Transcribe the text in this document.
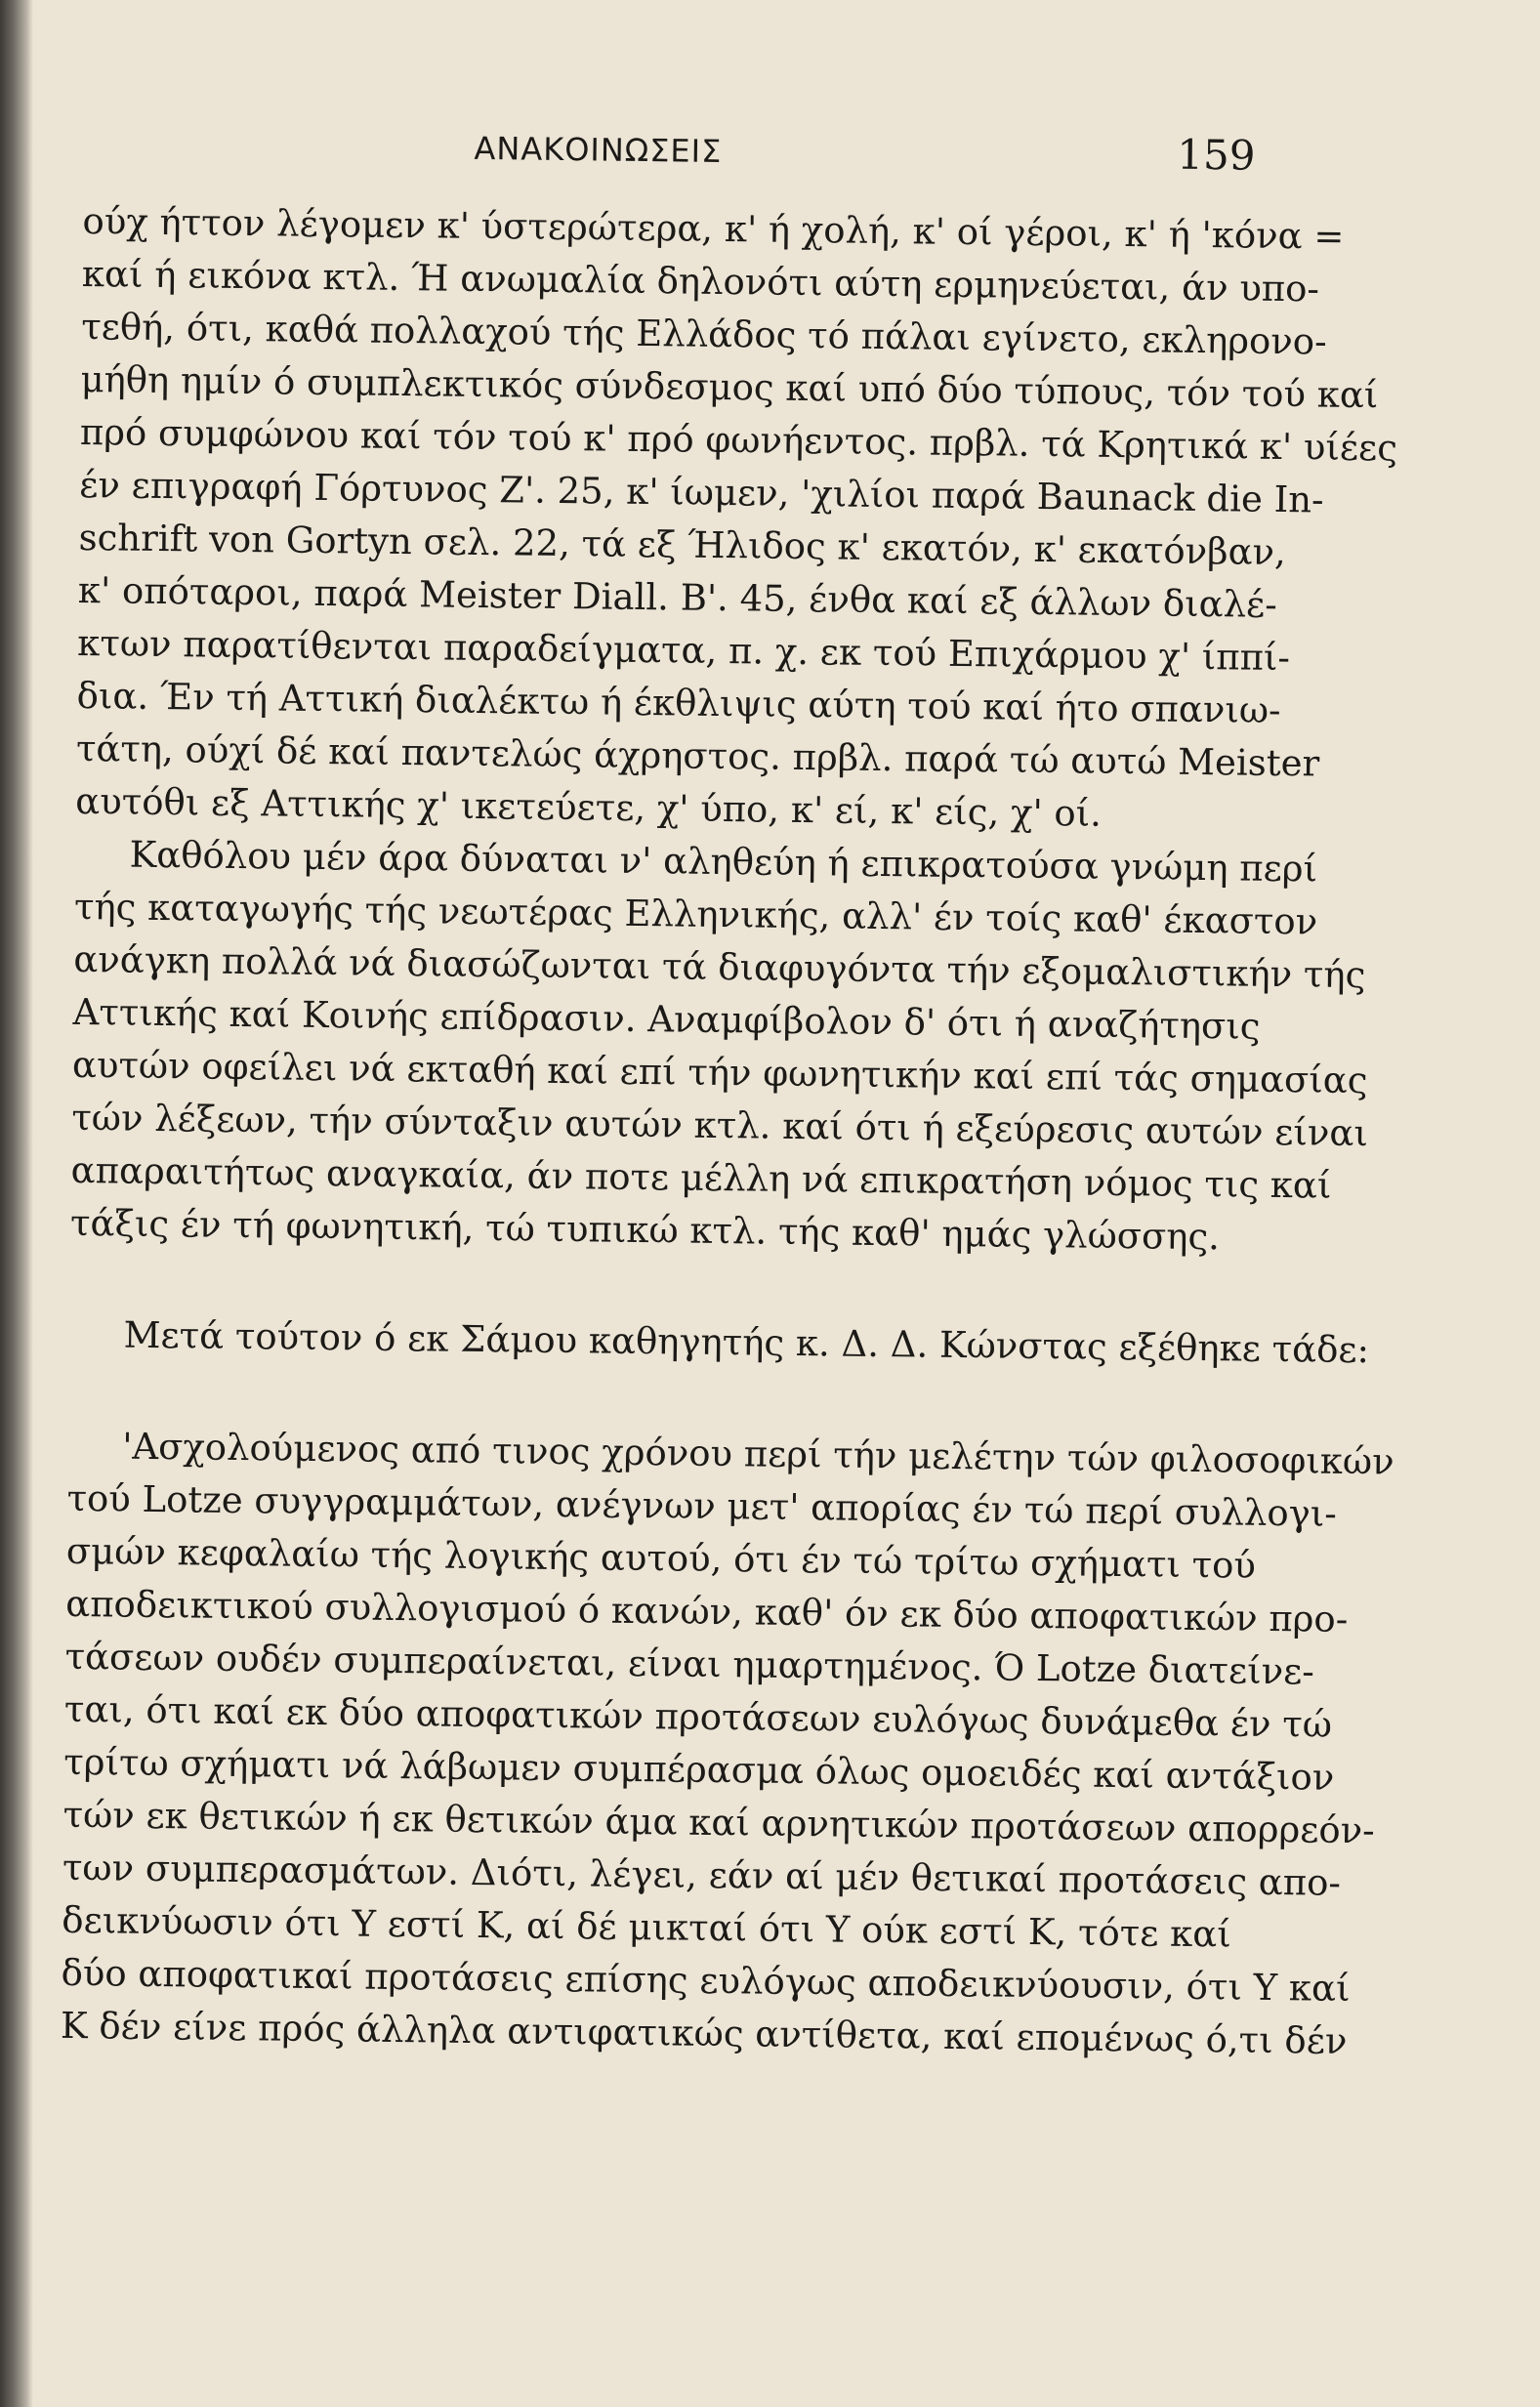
ΑΝΑΚΟΙΝΩΣΕΙΣ	159

ούχ ήττον λέγομεν κ' ύστερώτερα, κ' ή χολή, κ' οί γέροι, κ' ή 'κόνα =
καί ή εικόνα κτλ. Ή ανωμαλία δηλονότι αύτη ερμηνεύεται, άν υπο-
τεθή, ότι, καθά πολλαχού τής Ελλάδος τό πάλαι εγίνετο, εκληρονο-
μήθη ημίν ό συμπλεκτικός σύνδεσμος καί υπό δύο τύπους, τόν τού καί
πρό συμφώνου καί τόν τού κ' πρό φωνήεντος. πρβλ. τά Κρητικά κ' υίέες
έν επιγραφή Γόρτυνος Ζ'. 25, κ' ίωμεν, 'χιλίοι παρά Baunack die In-
schrift von Gortyn σελ. 22, τά εξ Ήλιδος κ' εκατόν, κ' εκατόνβαν,
κ' οπόταροι, παρά Meister Diall. Β'. 45, ένθα καί εξ άλλων διαλέ-
κτων παρατίθενται παραδείγματα, π. χ. εκ τού Επιχάρμου χ' ίππί-
δια. Έν τή Αττική διαλέκτω ή έκθλιψις αύτη τού καί ήτο σπανιω-
τάτη, ούχί δέ καί παντελώς άχρηστος. πρβλ. παρά τώ αυτώ Meister
αυτόθι εξ Αττικής χ' ικετεύετε, χ' ύπο, κ' εί, κ' είς, χ' οί.

Καθόλου μέν άρα δύναται ν' αληθεύη ή επικρατούσα γνώμη περί
τής καταγωγής τής νεωτέρας Ελληνικής, αλλ' έν τοίς καθ' έκαστον
ανάγκη πολλά νά διασώζωνται τά διαφυγόντα τήν εξομαλιστικήν τής
Αττικής καί Κοινής επίδρασιν. Αναμφίβολον δ' ότι ή αναζήτησις
αυτών οφείλει νά εκταθή καί επί τήν φωνητικήν καί επί τάς σημασίας
τών λέξεων, τήν σύνταξιν αυτών κτλ. καί ότι ή εξεύρεσις αυτών είναι
απαραιτήτως αναγκαία, άν ποτε μέλλη νά επικρατήση νόμος τις καί
τάξις έν τή φωνητική, τώ τυπικώ κτλ. τής καθ' ημάς γλώσσης.

Μετά τούτον ό εκ Σάμου καθηγητής κ. Δ. Δ. Κώνστας εξέθηκε τάδε:

'Ασχολούμενος από τινος χρόνου περί τήν μελέτην τών φιλοσοφικών
τού Lotze συγγραμμάτων, ανέγνων μετ' απορίας έν τώ περί συλλογι-
σμών κεφαλαίω τής λογικής αυτού, ότι έν τώ τρίτω σχήματι τού
αποδεικτικού συλλογισμού ό κανών, καθ' όν εκ δύο αποφατικών προ-
τάσεων ουδέν συμπεραίνεται, είναι ημαρτημένος. Ό Lotze διατείνε-
ται, ότι καί εκ δύο αποφατικών προτάσεων ευλόγως δυνάμεθα έν τώ
τρίτω σχήματι νά λάβωμεν συμπέρασμα όλως ομοειδές καί αντάξιον
τών εκ θετικών ή εκ θετικών άμα καί αρνητικών προτάσεων απορρεόν-
των συμπερασμάτων. Διότι, λέγει, εάν αί μέν θετικαί προτάσεις απο-
δεικνύωσιν ότι Υ εστί Κ, αί δέ μικταί ότι Υ ούκ εστί Κ, τότε καί
δύο αποφατικαί προτάσεις επίσης ευλόγως αποδεικνύουσιν, ότι Υ καί
Κ δέν είνε πρός άλληλα αντιφατικώς αντίθετα, καί επομένως ό,τι δέν
